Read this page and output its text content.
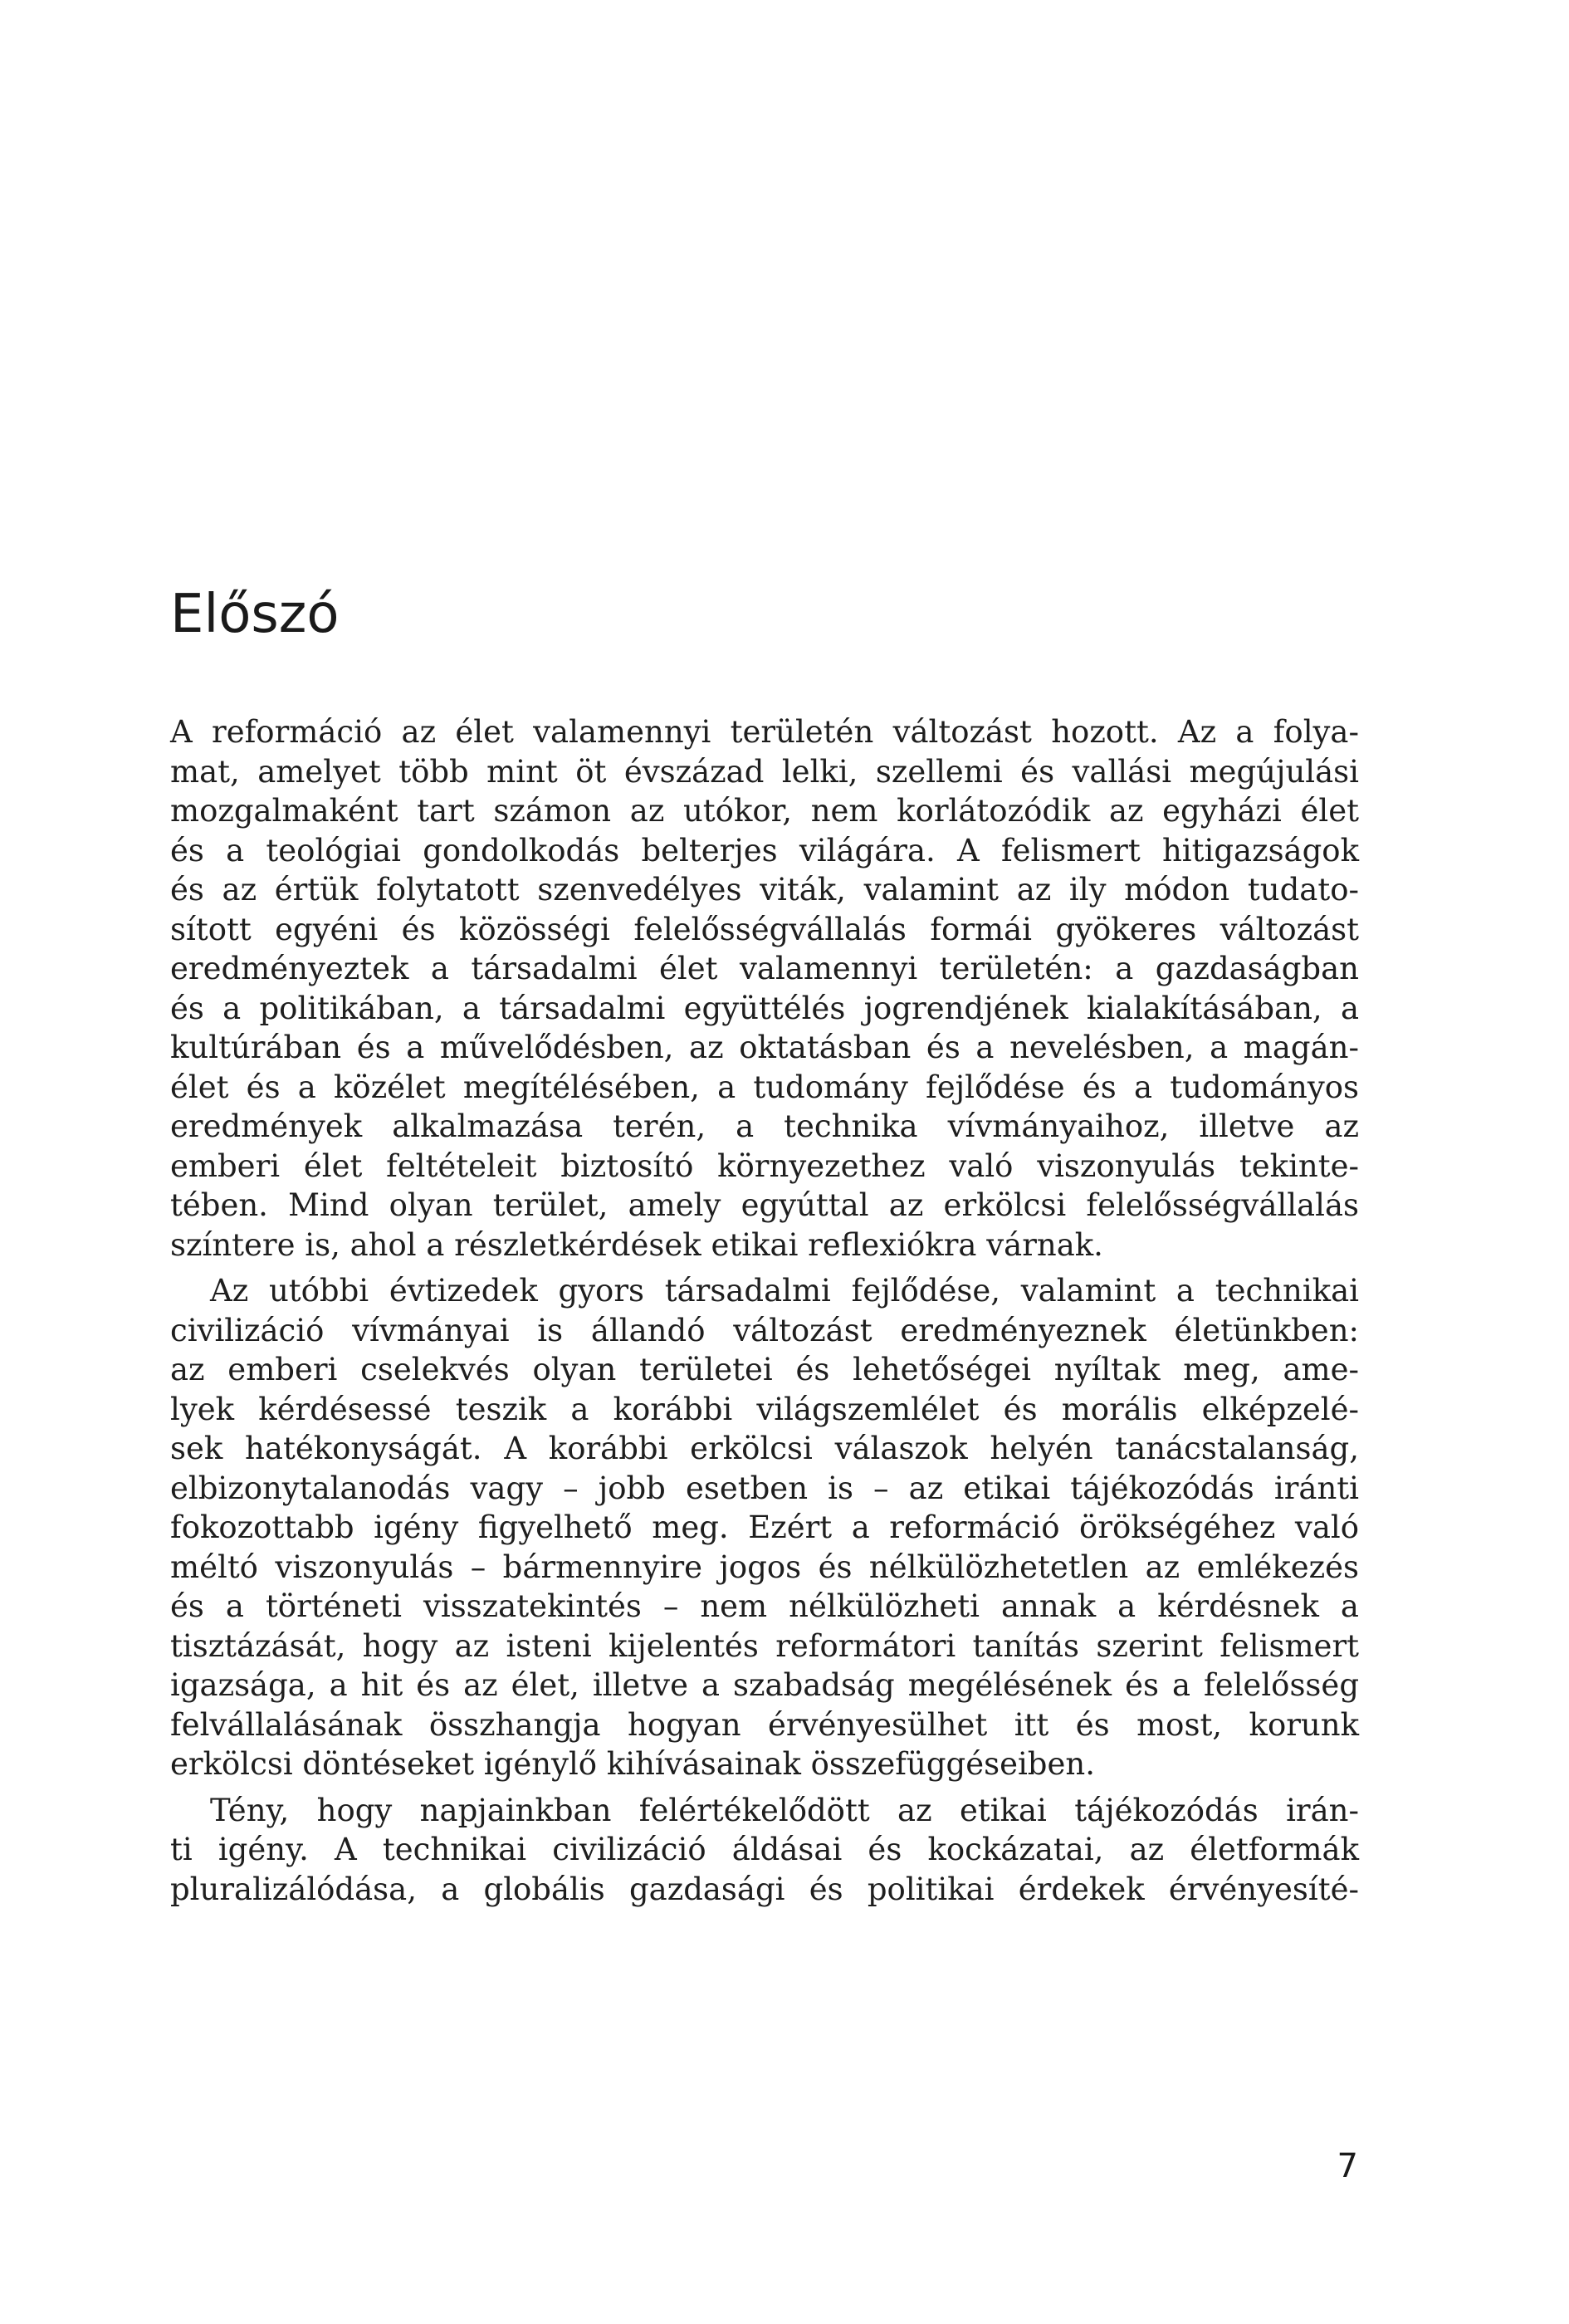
Előszó
A reformáció az élet valamennyi területén változást hozott. Az a folya-
mat, amelyet több mint öt évszázad lelki, szellemi és vallási megújulási
mozgalmaként tart számon az utókor, nem korlátozódik az egyházi élet
és a teológiai gondolkodás belterjes világára. A felismert hitigazságok
és az értük folytatott szenvedélyes viták, valamint az ily módon tudato-
sított egyéni és közösségi felelősségvállalás formái gyökeres változást
eredményeztek a társadalmi élet valamennyi területén: a gazdaságban
és a politikában, a társadalmi együttélés jogrendjének kialakításában, a
kultúrában és a művelődésben, az oktatásban és a nevelésben, a magán-
élet és a közélet megítélésében, a tudomány fejlődése és a tudományos
eredmények alkalmazása terén, a technika vívmányaihoz, illetve az
emberi élet feltételeit biztosító környezethez való viszonyulás tekinte-
tében. Mind olyan terület, amely egyúttal az erkölcsi felelősségvállalás
színtere is, ahol a részletkérdések etikai reflexiókra várnak.
Az utóbbi évtizedek gyors társadalmi fejlődése, valamint a technikai
civilizáció vívmányai is állandó változást eredményeznek életünkben:
az emberi cselekvés olyan területei és lehetőségei nyíltak meg, ame-
lyek kérdésessé teszik a korábbi világszemlélet és morális elképzelé-
sek hatékonyságát. A korábbi erkölcsi válaszok helyén tanácstalanság,
elbizonytalanodás vagy – jobb esetben is – az etikai tájékozódás iránti
fokozottabb igény figyelhető meg. Ezért a reformáció örökségéhez való
méltó viszonyulás – bármennyire jogos és nélkülözhetetlen az emlékezés
és a történeti visszatekintés – nem nélkülözheti annak a kérdésnek a
tisztázását, hogy az isteni kijelentés reformátori tanítás szerint felismert
igazsága, a hit és az élet, illetve a szabadság megélésének és a felelősség
felvállalásának összhangja hogyan érvényesülhet itt és most, korunk
erkölcsi döntéseket igénylő kihívásainak összefüggéseiben.
Tény, hogy napjainkban felértékelődött az etikai tájékozódás irán-
ti igény. A technikai civilizáció áldásai és kockázatai, az életformák
pluralizálódása, a globális gazdasági és politikai érdekek érvényesíté-
7
